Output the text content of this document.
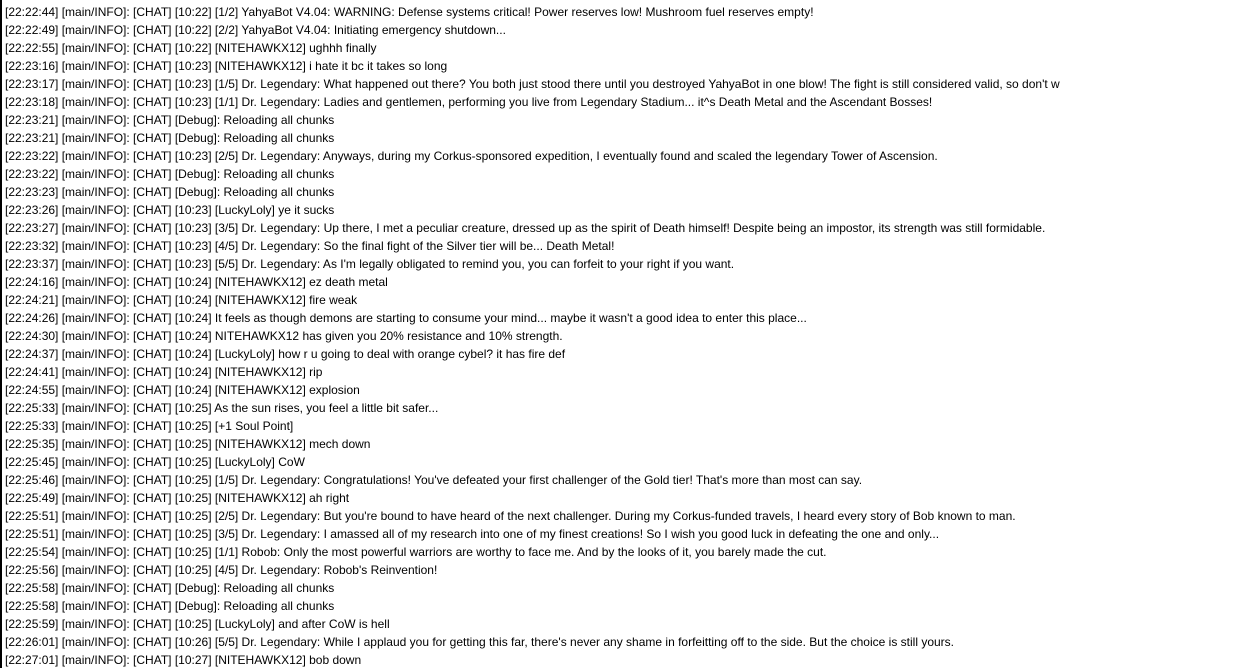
[22:22:44] [main/INFO]: [CHAT] [10:22] [1/2] YahyaBot V4.04: WARNING: Defense systems critical! Power reserves low! Mushroom fuel reserves empty!
[22:22:49] [main/INFO]: [CHAT] [10:22] [2/2] YahyaBot V4.04: Initiating emergency shutdown...
[22:22:55] [main/INFO]: [CHAT] [10:22] [NITEHAWKX12] ughhh finally
[22:23:16] [main/INFO]: [CHAT] [10:23] [NITEHAWKX12] i hate it bc it takes so long
[22:23:17] [main/INFO]: [CHAT] [10:23] [1/5] Dr. Legendary: What happened out there? You both just stood there until you destroyed YahyaBot in one blow! The fight is still considered valid, so don't w
[22:23:18] [main/INFO]: [CHAT] [10:23] [1/1] Dr. Legendary: Ladies and gentlemen, performing you live from Legendary Stadium... it^s Death Metal and the Ascendant Bosses!
[22:23:21] [main/INFO]: [CHAT] [Debug]: Reloading all chunks
[22:23:21] [main/INFO]: [CHAT] [Debug]: Reloading all chunks
[22:23:22] [main/INFO]: [CHAT] [10:23] [2/5] Dr. Legendary: Anyways, during my Corkus-sponsored expedition, I eventually found and scaled the legendary Tower of Ascension.
[22:23:22] [main/INFO]: [CHAT] [Debug]: Reloading all chunks
[22:23:23] [main/INFO]: [CHAT] [Debug]: Reloading all chunks
[22:23:26] [main/INFO]: [CHAT] [10:23] [LuckyLoly] ye it sucks
[22:23:27] [main/INFO]: [CHAT] [10:23] [3/5] Dr. Legendary: Up there, I met a peculiar creature, dressed up as the spirit of Death himself! Despite being an impostor, its strength was still formidable.
[22:23:32] [main/INFO]: [CHAT] [10:23] [4/5] Dr. Legendary: So the final fight of the Silver tier will be... Death Metal!
[22:23:37] [main/INFO]: [CHAT] [10:23] [5/5] Dr. Legendary: As I'm legally obligated to remind you, you can forfeit to your right if you want.
[22:24:16] [main/INFO]: [CHAT] [10:24] [NITEHAWKX12] ez death metal
[22:24:21] [main/INFO]: [CHAT] [10:24] [NITEHAWKX12] fire weak
[22:24:26] [main/INFO]: [CHAT] [10:24] It feels as though demons are starting to consume your mind... maybe it wasn't a good idea to enter this place...
[22:24:30] [main/INFO]: [CHAT] [10:24] NITEHAWKX12 has given you 20% resistance and 10% strength.
[22:24:37] [main/INFO]: [CHAT] [10:24] [LuckyLoly] how r u going to deal with orange cybel? it has fire def
[22:24:41] [main/INFO]: [CHAT] [10:24] [NITEHAWKX12] rip
[22:24:55] [main/INFO]: [CHAT] [10:24] [NITEHAWKX12] explosion
[22:25:33] [main/INFO]: [CHAT] [10:25] As the sun rises, you feel a little bit safer...
[22:25:33] [main/INFO]: [CHAT] [10:25] [+1 Soul Point]
[22:25:35] [main/INFO]: [CHAT] [10:25] [NITEHAWKX12] mech down
[22:25:45] [main/INFO]: [CHAT] [10:25] [LuckyLoly] CoW
[22:25:46] [main/INFO]: [CHAT] [10:25] [1/5] Dr. Legendary: Congratulations! You've defeated your first challenger of the Gold tier! That's more than most can say.
[22:25:49] [main/INFO]: [CHAT] [10:25] [NITEHAWKX12] ah right
[22:25:51] [main/INFO]: [CHAT] [10:25] [2/5] Dr. Legendary: But you're bound to have heard of the next challenger. During my Corkus-funded travels, I heard every story of Bob known to man.
[22:25:51] [main/INFO]: [CHAT] [10:25] [3/5] Dr. Legendary: I amassed all of my research into one of my finest creations! So I wish you good luck in defeating the one and only...
[22:25:54] [main/INFO]: [CHAT] [10:25] [1/1] Robob: Only the most powerful warriors are worthy to face me. And by the looks of it, you barely made the cut.
[22:25:56] [main/INFO]: [CHAT] [10:25] [4/5] Dr. Legendary: Robob's Reinvention!
[22:25:58] [main/INFO]: [CHAT] [Debug]: Reloading all chunks
[22:25:58] [main/INFO]: [CHAT] [Debug]: Reloading all chunks
[22:25:59] [main/INFO]: [CHAT] [10:25] [LuckyLoly] and after CoW is hell
[22:26:01] [main/INFO]: [CHAT] [10:26] [5/5] Dr. Legendary: While I applaud you for getting this far, there's never any shame in forfeitting off to the side. But the choice is still yours.
[22:27:01] [main/INFO]: [CHAT] [10:27] [NITEHAWKX12] bob down
